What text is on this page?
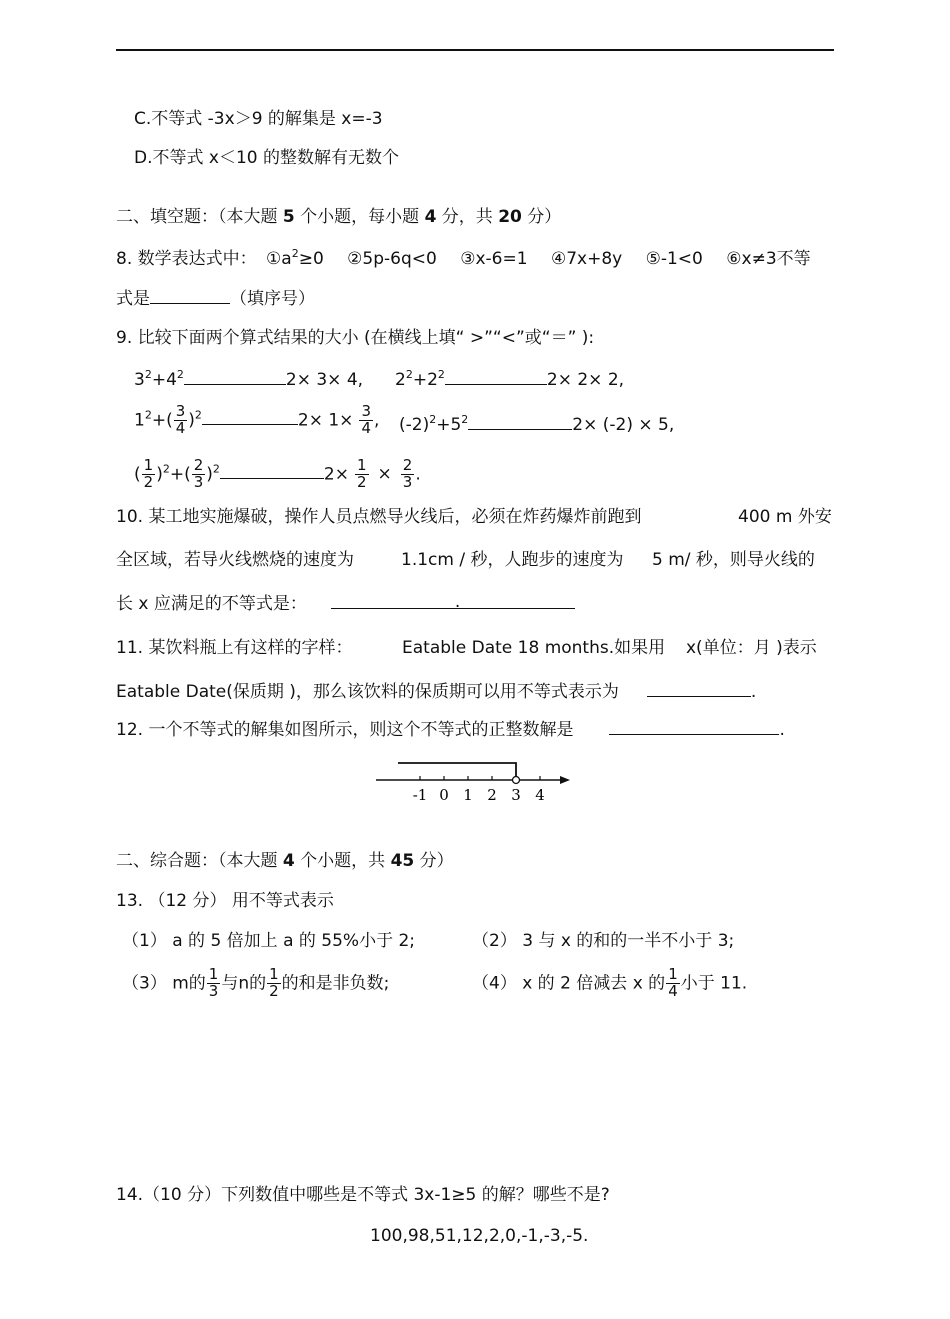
C.不等式 -3x＞9 的解集是 x=-3
D.不等式 x＜10 的整数解有无数个
二、填空题：（本大题 5 个小题，每小题 4 分，共 20 分）
8. 数学表达式中： $①a^2\ge 0$ ②5p-6q<0 ③x-6=1 ④7x+8y ⑤-1<0 ⑥x≠3不等
式是	（填序号）
9. 比较下面两个算式结果的大小 (在横线上填“ >”“<”或“＝” ):
$3^2+4^2$	2× 3× 4, $2^2+2^2$	2× 2× 2,
$1^2+( \frac{3}{4} )^2$	$2\times 1\times \frac{3}{4}$ , $(-2)^2+5^2$	2× (-2) × 5,
( $\frac{1}{2} )^2+( \frac{2}{3} )^2$	$2\times \frac{1}{2} \times \frac{2}{3}$ .
10. 某工地实施爆破，操作人员点燃导火线后，必须在炸药爆炸前跑到	400 m 外安
全区域，若导火线燃烧的速度为	1.1cm / 秒，人跑步的速度为 5 m/ 秒，则导火线的
长 x 应满足的不等式是：	.
11. 某饮料瓶上有这样的字样：	Eatable Date 18 months.如果用 x(单位：月 )表示
Eatable Date(保质期 )，那么该饮料的保质期可以用不等式表示为	.
12. 一个不等式的解集如图所示，则这个不等式的正整数解是	.
-1 0 1 2 3 4
二、综合题：（本大题 4 个小题，共 45 分）
13. （12 分） 用不等式表示
（1） a 的 5 倍加上 a 的 55%小于 2;	（2） 3 与 x 的和的一半不小于 3;
（3） m的 $\frac{1}{3}$ 与n的 $\frac{1}{2}$ 的和是非负数;	（4） x 的 2 倍减去 x 的 $\frac{1}{4}$ 小于 11.
14.（10 分）下列数值中哪些是不等式 3x-1≥5 的解？哪些不是?
100,98,51,12,2,0,-1,-3,-5.
